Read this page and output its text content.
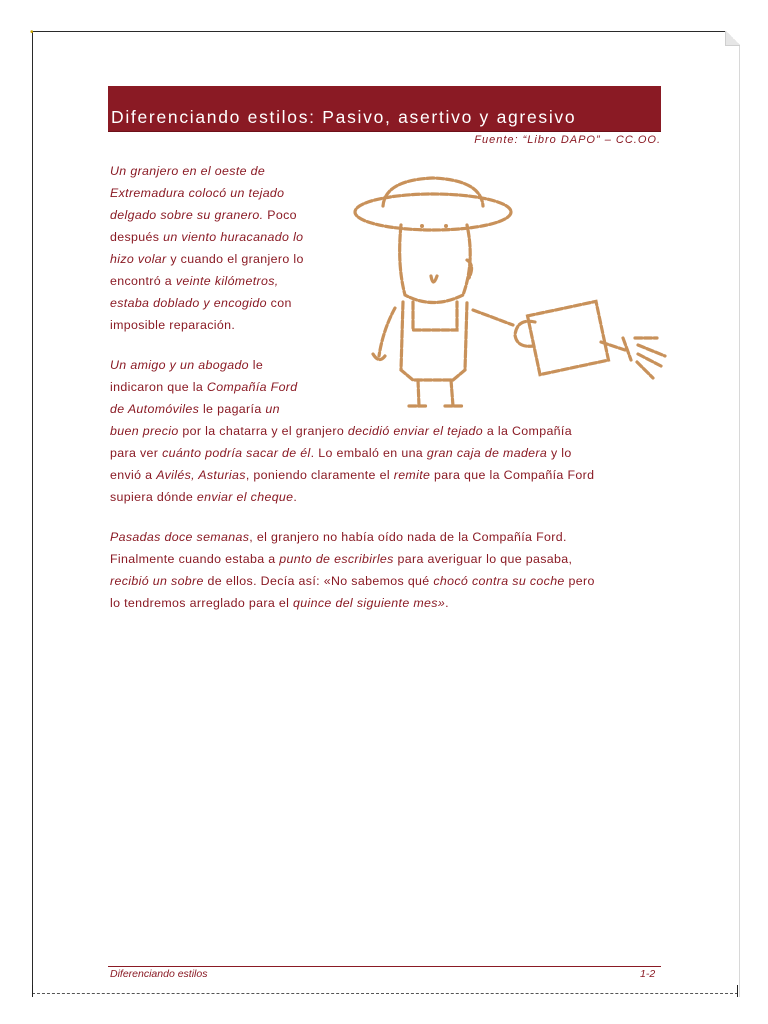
•
Diferenciando estilos: Pasivo, asertivo y agresivo
Fuente: “Libro DAPO” – CC.OO.
Un granjero en el oeste de
Extremadura colocó un tejado
delgado sobre su granero. Poco
después un viento huracanado lo
hizo volar y cuando el granjero lo
encontró a veinte kilómetros,
estaba doblado y encogido con
imposible reparación.
Un amigo y un abogado le
indicaron que la Compañía Ford
de Automóviles le pagaría un
buen precio por la chatarra y el granjero decidió enviar el tejado a la Compañía
para ver cuánto podría sacar de él. Lo embaló en una gran caja de madera y lo
envió a Avilés, Asturias, poniendo claramente el remite para que la Compañía Ford
supiera dónde enviar el cheque.
Pasadas doce semanas, el granjero no había oído nada de la Compañía Ford.
Finalmente cuando estaba a punto de escribirles para averiguar lo que pasaba,
recibió un sobre de ellos. Decía así: «No sabemos qué chocó contra su coche pero
lo tendremos arreglado para el quince del siguiente mes».
Diferenciando estilos	1-2
